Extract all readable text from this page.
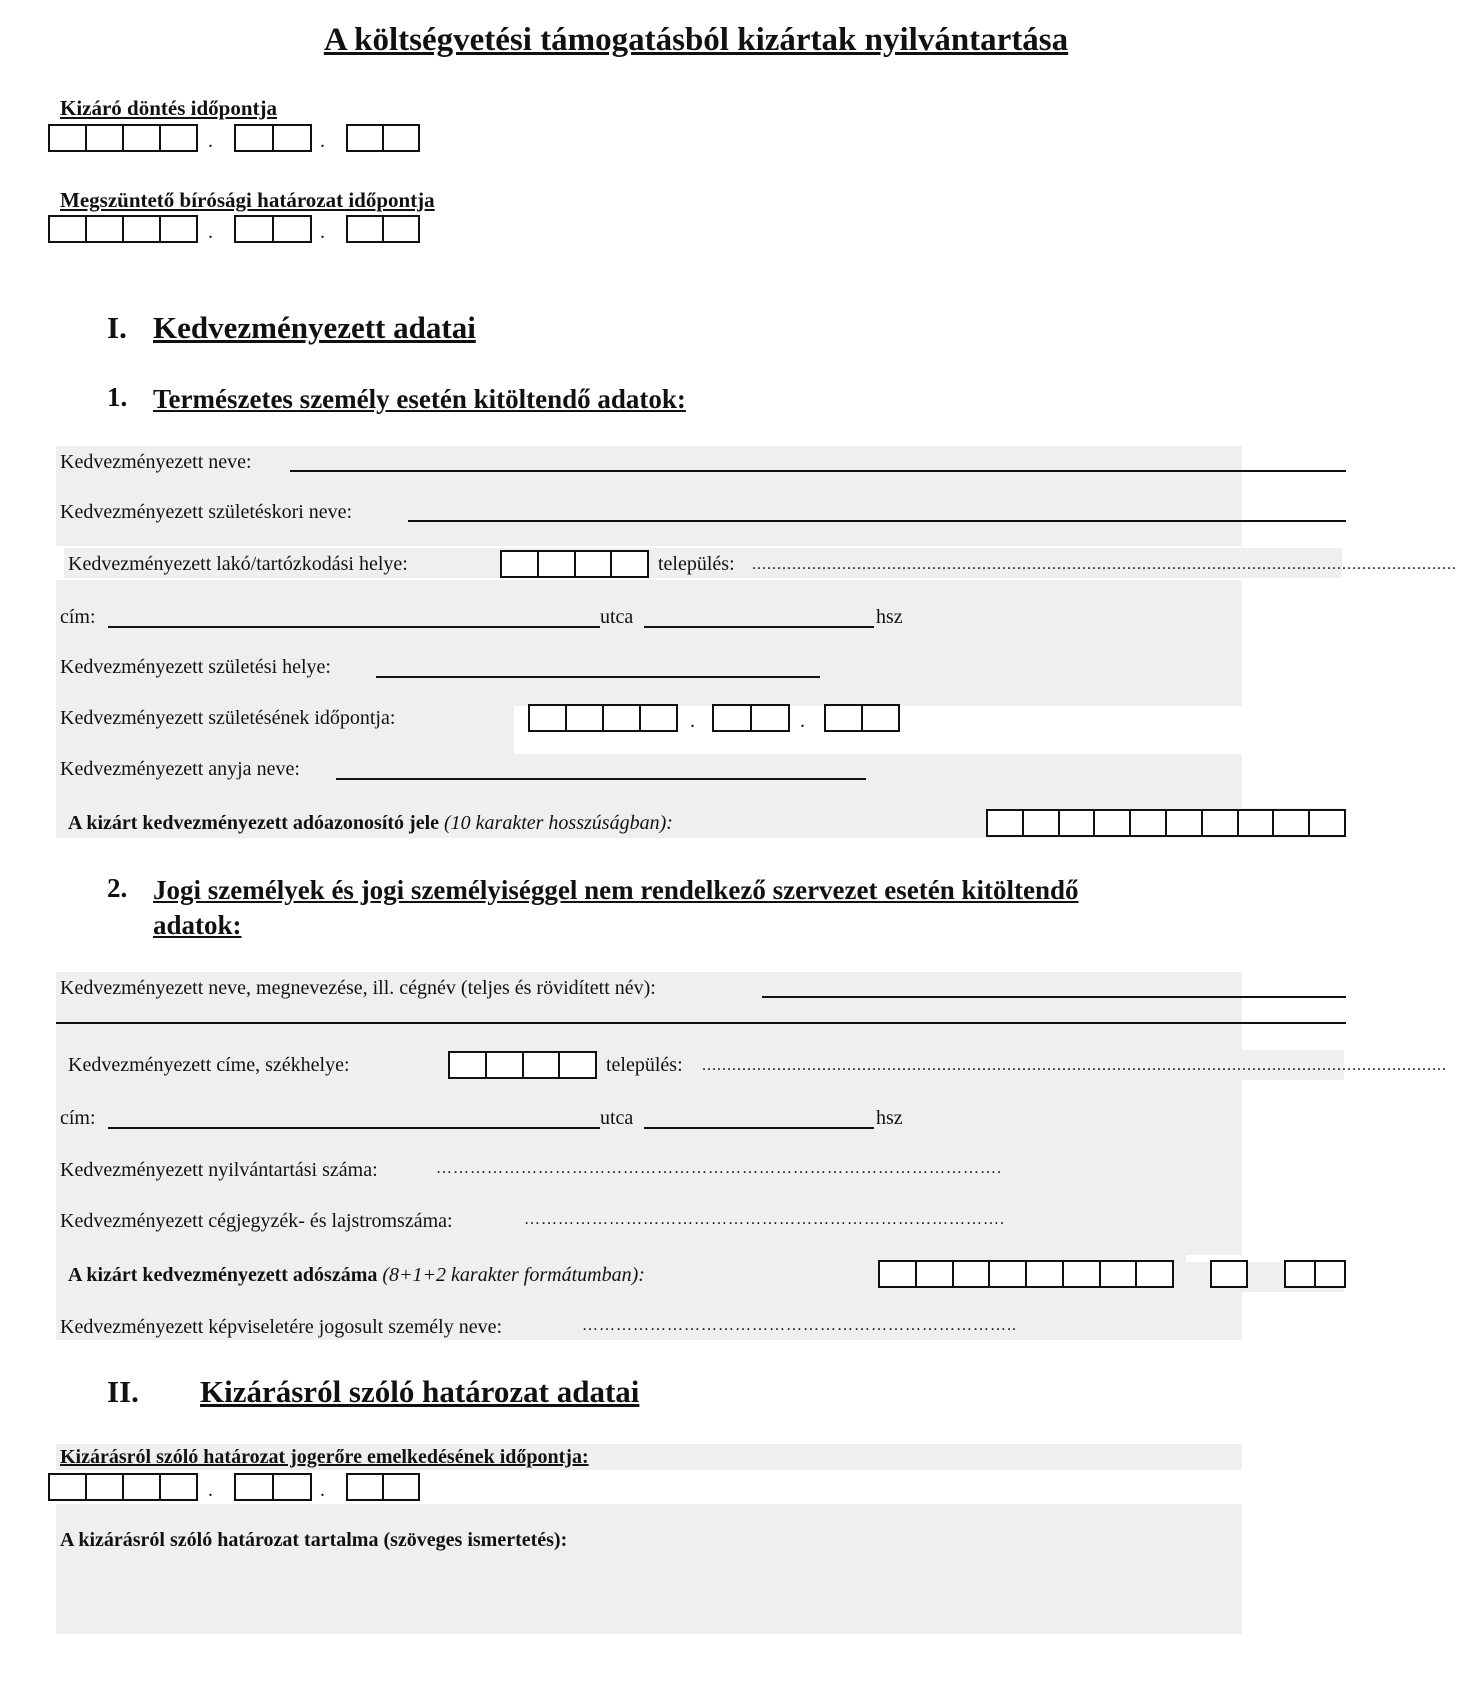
A költségvetési támogatásból kizártak nyilvántartása
Kizáró döntés időpontja
.	.
Megszüntető bírósági határozat időpontja
.	.
I. Kedvezményezett adatai
1. Természetes személy esetén kitöltendő adatok:
Kedvezményezett neve:
Kedvezményezett születéskori neve:
Kedvezményezett lakó/tartózkodási helye:	település: .............................................................................................................................................
cím:	utca	hsz
Kedvezményezett születési helye:
Kedvezményezett születésének időpontja:	.	.
Kedvezményezett anyja neve:
A kizárt kedvezményezett adóazonosító jele (10 karakter hosszúságban):
2. Jogi személyek és jogi személyiséggel nem rendelkező szervezet esetén kitöltendő
adatok:
Kedvezményezett neve, megnevezése, ill. cégnév (teljes és rövidített név):
Kedvezményezett címe, székhelye:	település: .....................................................................................................................................................
cím:	utca	hsz
Kedvezményezett nyilvántartási száma:	……………………………………………………………………………………….
Kedvezményezett cégjegyzék- és lajstromszáma:	………………………………………………………………………….
A kizárt kedvezményezett adószáma (8+1+2 karakter formátumban):
Kedvezményezett képviseletére jogosult személy neve:	…………………………………………………………………..
II. Kizárásról szóló határozat adatai
Kizárásról szóló határozat jogerőre emelkedésének időpontja:
.	.
A kizárásról szóló határozat tartalma (szöveges ismertetés):
